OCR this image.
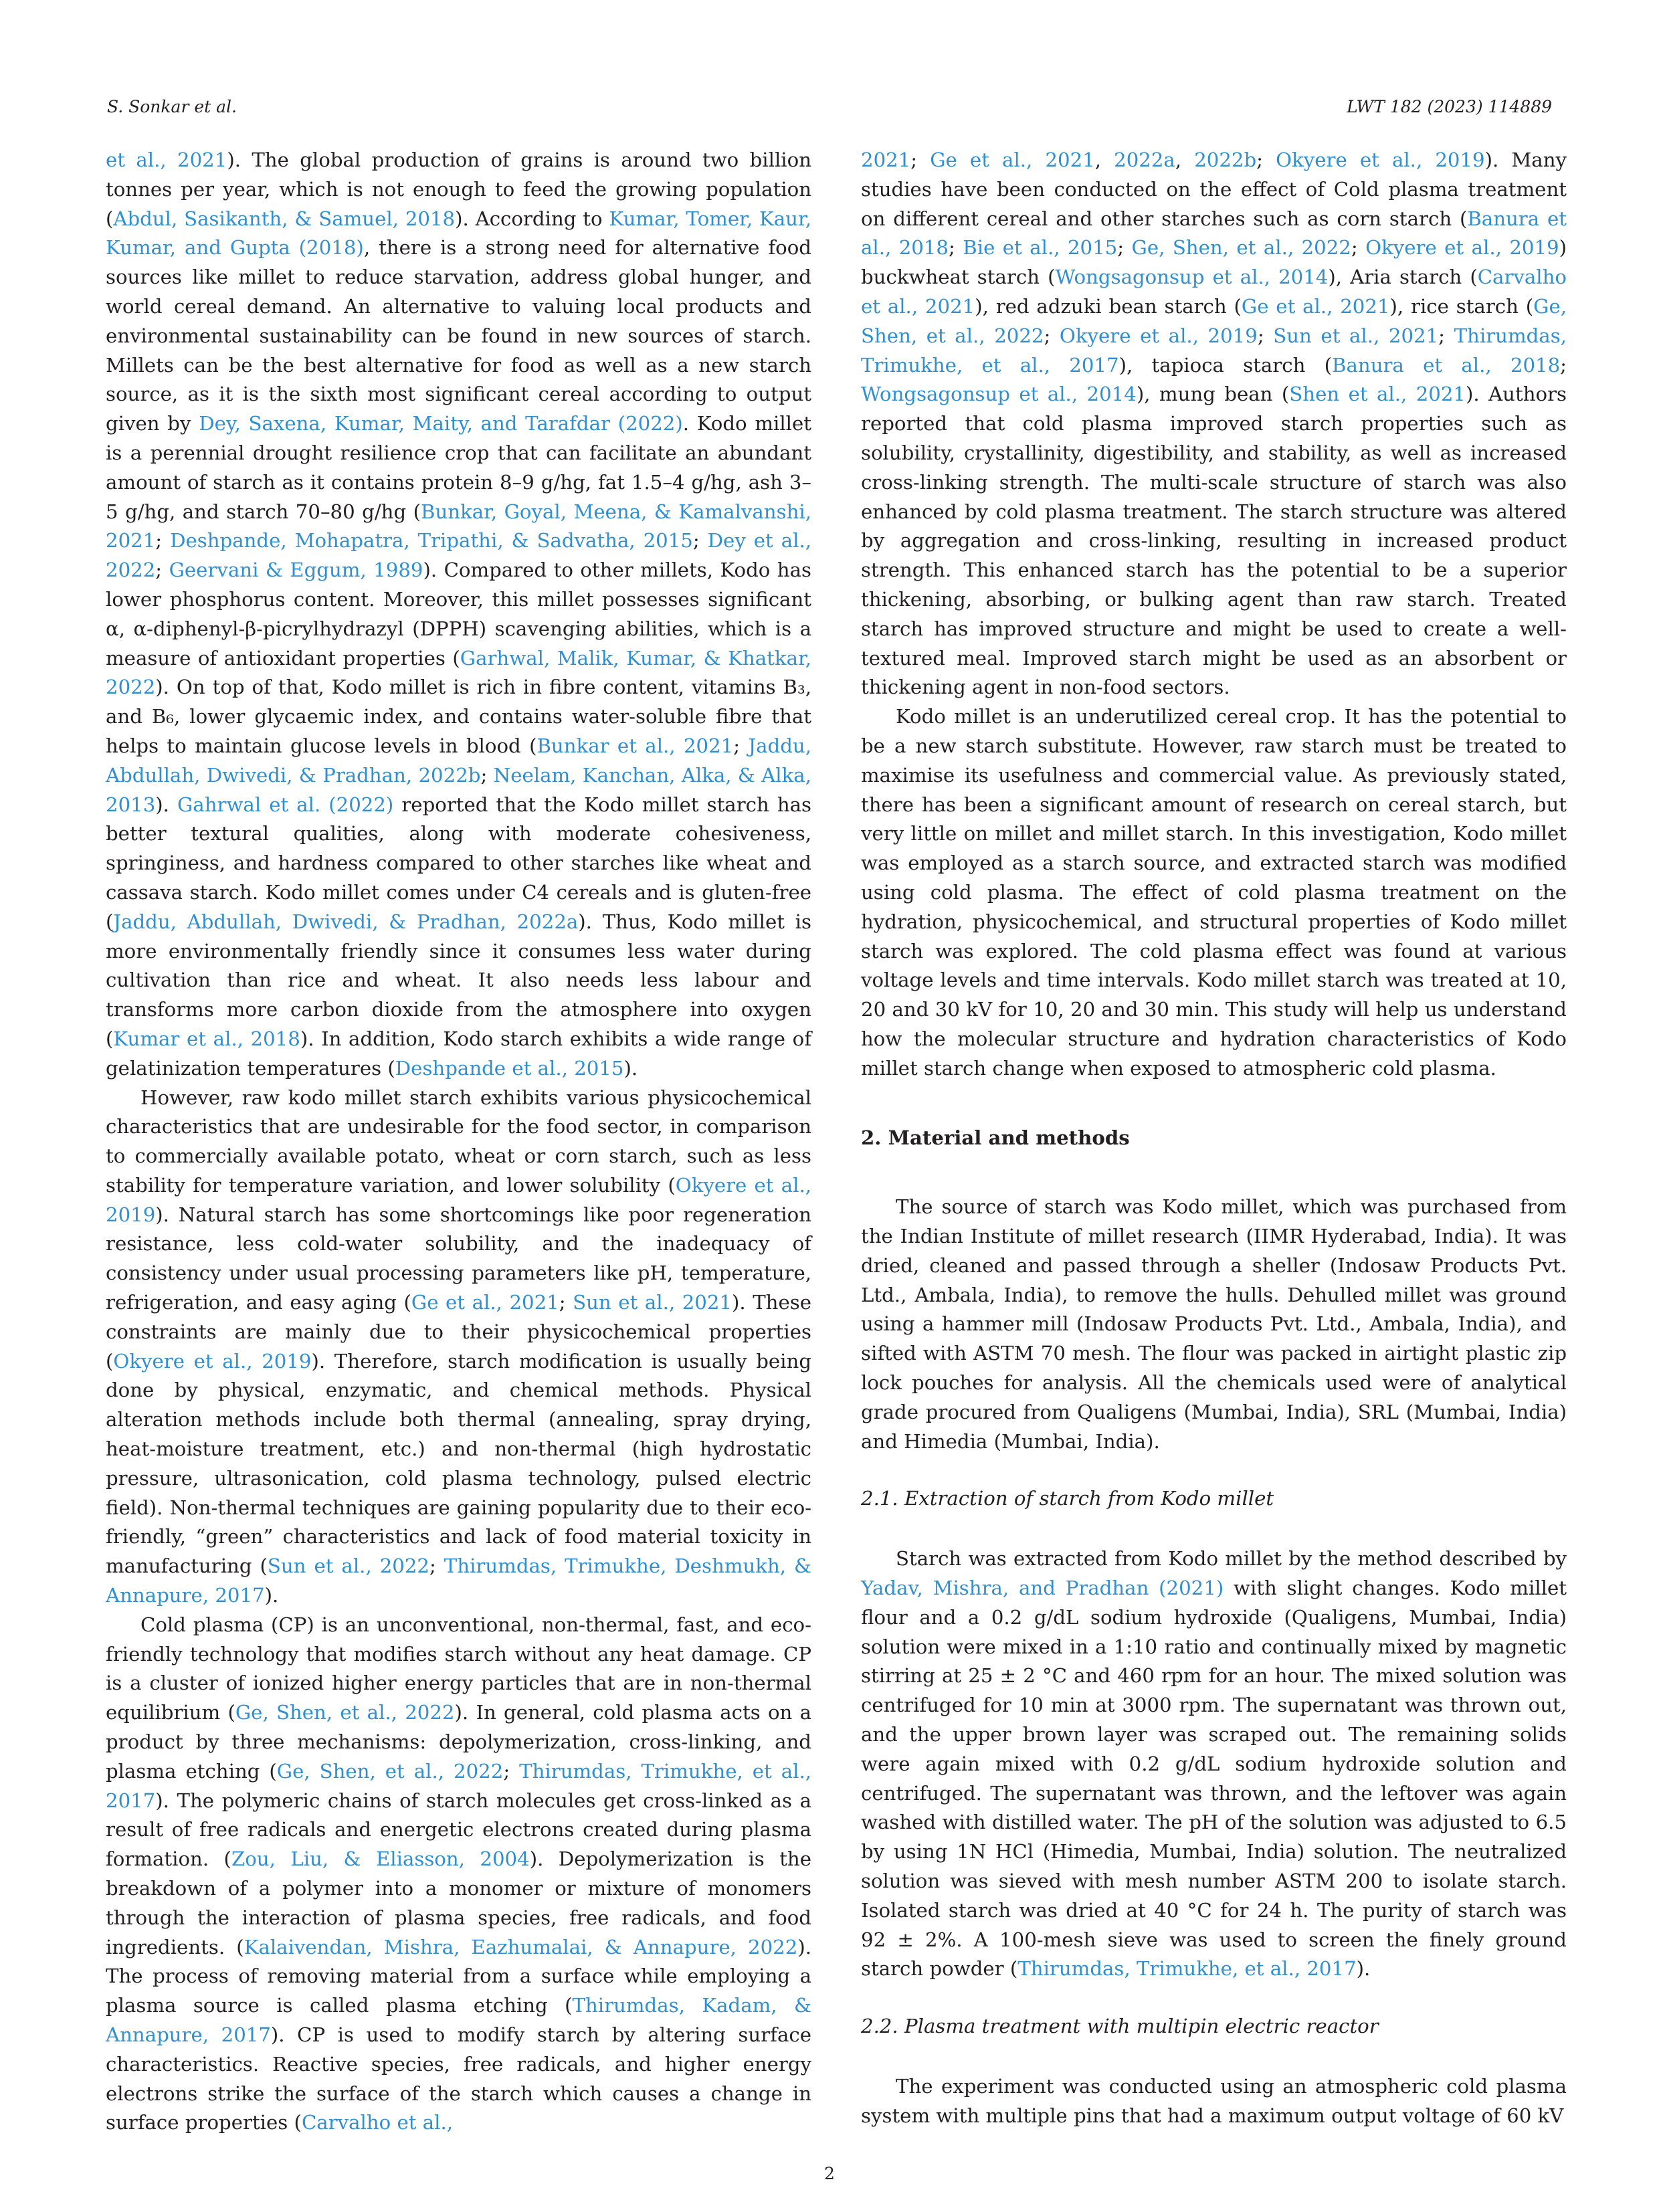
S. Sonkar et al.	LWT 182 (2023) 114889

et al., 2021). The global production of grains is around two billion tonnes per year, which is not enough to feed the growing population (Abdul, Sasikanth, & Samuel, 2018). According to Kumar, Tomer, Kaur, Kumar, and Gupta (2018), there is a strong need for alternative food sources like millet to reduce starvation, address global hunger, and world cereal demand. An alternative to valuing local products and environmental sustainability can be found in new sources of starch. Millets can be the best alternative for food as well as a new starch source, as it is the sixth most significant cereal according to output given by Dey, Saxena, Kumar, Maity, and Tarafdar (2022). Kodo millet is a perennial drought resilience crop that can facilitate an abundant amount of starch as it contains protein 8–9 g/hg, fat 1.5–4 g/hg, ash 3–5 g/hg, and starch 70–80 g/hg (Bunkar, Goyal, Meena, & Kamalvanshi, 2021; Deshpande, Mohapatra, Tripathi, & Sadvatha, 2015; Dey et al., 2022; Geervani & Eggum, 1989). Compared to other millets, Kodo has lower phosphorus content. Moreover, this millet possesses significant α, α-diphenyl-β-picrylhydrazyl (DPPH) scavenging abilities, which is a measure of antioxidant properties (Garhwal, Malik, Kumar, & Khatkar, 2022). On top of that, Kodo millet is rich in fibre content, vitamins B₃, and B₆, lower glycaemic index, and contains water-soluble fibre that helps to maintain glucose levels in blood (Bunkar et al., 2021; Jaddu, Abdullah, Dwivedi, & Pradhan, 2022b; Neelam, Kanchan, Alka, & Alka, 2013). Gahrwal et al. (2022) reported that the Kodo millet starch has better textural qualities, along with moderate cohesiveness, springiness, and hardness compared to other starches like wheat and cassava starch. Kodo millet comes under C4 cereals and is gluten-free (Jaddu, Abdullah, Dwivedi, & Pradhan, 2022a). Thus, Kodo millet is more environmentally friendly since it consumes less water during cultivation than rice and wheat. It also needs less labour and transforms more carbon dioxide from the atmosphere into oxygen (Kumar et al., 2018). In addition, Kodo starch exhibits a wide range of gelatinization temperatures (Deshpande et al., 2015).

However, raw kodo millet starch exhibits various physicochemical characteristics that are undesirable for the food sector, in comparison to commercially available potato, wheat or corn starch, such as less stability for temperature variation, and lower solubility (Okyere et al., 2019). Natural starch has some shortcomings like poor regeneration resistance, less cold-water solubility, and the inadequacy of consistency under usual processing parameters like pH, temperature, refrigeration, and easy aging (Ge et al., 2021; Sun et al., 2021). These constraints are mainly due to their physicochemical properties (Okyere et al., 2019). Therefore, starch modification is usually being done by physical, enzymatic, and chemical methods. Physical alteration methods include both thermal (annealing, spray drying, heat-moisture treatment, etc.) and non-thermal (high hydrostatic pressure, ultrasonication, cold plasma technology, pulsed electric field). Non-thermal techniques are gaining popularity due to their eco-friendly, “green” characteristics and lack of food material toxicity in manufacturing (Sun et al., 2022; Thirumdas, Trimukhe, Deshmukh, & Annapure, 2017).

Cold plasma (CP) is an unconventional, non-thermal, fast, and eco-friendly technology that modifies starch without any heat damage. CP is a cluster of ionized higher energy particles that are in non-thermal equilibrium (Ge, Shen, et al., 2022). In general, cold plasma acts on a product by three mechanisms: depolymerization, cross-linking, and plasma etching (Ge, Shen, et al., 2022; Thirumdas, Trimukhe, et al., 2017). The polymeric chains of starch molecules get cross-linked as a result of free radicals and energetic electrons created during plasma formation. (Zou, Liu, & Eliasson, 2004). Depolymerization is the breakdown of a polymer into a monomer or mixture of monomers through the interaction of plasma species, free radicals, and food ingredients. (Kalaivendan, Mishra, Eazhumalai, & Annapure, 2022). The process of removing material from a surface while employing a plasma source is called plasma etching (Thirumdas, Kadam, & Annapure, 2017). CP is used to modify starch by altering surface characteristics. Reactive species, free radicals, and higher energy electrons strike the surface of the starch which causes a change in surface properties (Carvalho et al.,

2021; Ge et al., 2021, 2022a, 2022b; Okyere et al., 2019). Many studies have been conducted on the effect of Cold plasma treatment on different cereal and other starches such as corn starch (Banura et al., 2018; Bie et al., 2015; Ge, Shen, et al., 2022; Okyere et al., 2019) buckwheat starch (Wongsagonsup et al., 2014), Aria starch (Carvalho et al., 2021), red adzuki bean starch (Ge et al., 2021), rice starch (Ge, Shen, et al., 2022; Okyere et al., 2019; Sun et al., 2021; Thirumdas, Trimukhe, et al., 2017), tapioca starch (Banura et al., 2018; Wongsagonsup et al., 2014), mung bean (Shen et al., 2021). Authors reported that cold plasma improved starch properties such as solubility, crystallinity, digestibility, and stability, as well as increased cross-linking strength. The multi-scale structure of starch was also enhanced by cold plasma treatment. The starch structure was altered by aggregation and cross-linking, resulting in increased product strength. This enhanced starch has the potential to be a superior thickening, absorbing, or bulking agent than raw starch. Treated starch has improved structure and might be used to create a well-textured meal. Improved starch might be used as an absorbent or thickening agent in non-food sectors.

Kodo millet is an underutilized cereal crop. It has the potential to be a new starch substitute. However, raw starch must be treated to maximise its usefulness and commercial value. As previously stated, there has been a significant amount of research on cereal starch, but very little on millet and millet starch. In this investigation, Kodo millet was employed as a starch source, and extracted starch was modified using cold plasma. The effect of cold plasma treatment on the hydration, physicochemical, and structural properties of Kodo millet starch was explored. The cold plasma effect was found at various voltage levels and time intervals. Kodo millet starch was treated at 10, 20 and 30 kV for 10, 20 and 30 min. This study will help us understand how the molecular structure and hydration characteristics of Kodo millet starch change when exposed to atmospheric cold plasma.

2. Material and methods

The source of starch was Kodo millet, which was purchased from the Indian Institute of millet research (IIMR Hyderabad, India). It was dried, cleaned and passed through a sheller (Indosaw Products Pvt. Ltd., Ambala, India), to remove the hulls. Dehulled millet was ground using a hammer mill (Indosaw Products Pvt. Ltd., Ambala, India), and sifted with ASTM 70 mesh. The flour was packed in airtight plastic zip lock pouches for analysis. All the chemicals used were of analytical grade procured from Qualigens (Mumbai, India), SRL (Mumbai, India) and Himedia (Mumbai, India).

2.1. Extraction of starch from Kodo millet

Starch was extracted from Kodo millet by the method described by Yadav, Mishra, and Pradhan (2021) with slight changes. Kodo millet flour and a 0.2 g/dL sodium hydroxide (Qualigens, Mumbai, India) solution were mixed in a 1:10 ratio and continually mixed by magnetic stirring at 25 ± 2 °C and 460 rpm for an hour. The mixed solution was centrifuged for 10 min at 3000 rpm. The supernatant was thrown out, and the upper brown layer was scraped out. The remaining solids were again mixed with 0.2 g/dL sodium hydroxide solution and centrifuged. The supernatant was thrown, and the leftover was again washed with distilled water. The pH of the solution was adjusted to 6.5 by using 1N HCl (Himedia, Mumbai, India) solution. The neutralized solution was sieved with mesh number ASTM 200 to isolate starch. Isolated starch was dried at 40 °C for 24 h. The purity of starch was 92 ± 2%. A 100-mesh sieve was used to screen the finely ground starch powder (Thirumdas, Trimukhe, et al., 2017).

2.2. Plasma treatment with multipin electric reactor

The experiment was conducted using an atmospheric cold plasma system with multiple pins that had a maximum output voltage of 60 kV

2
